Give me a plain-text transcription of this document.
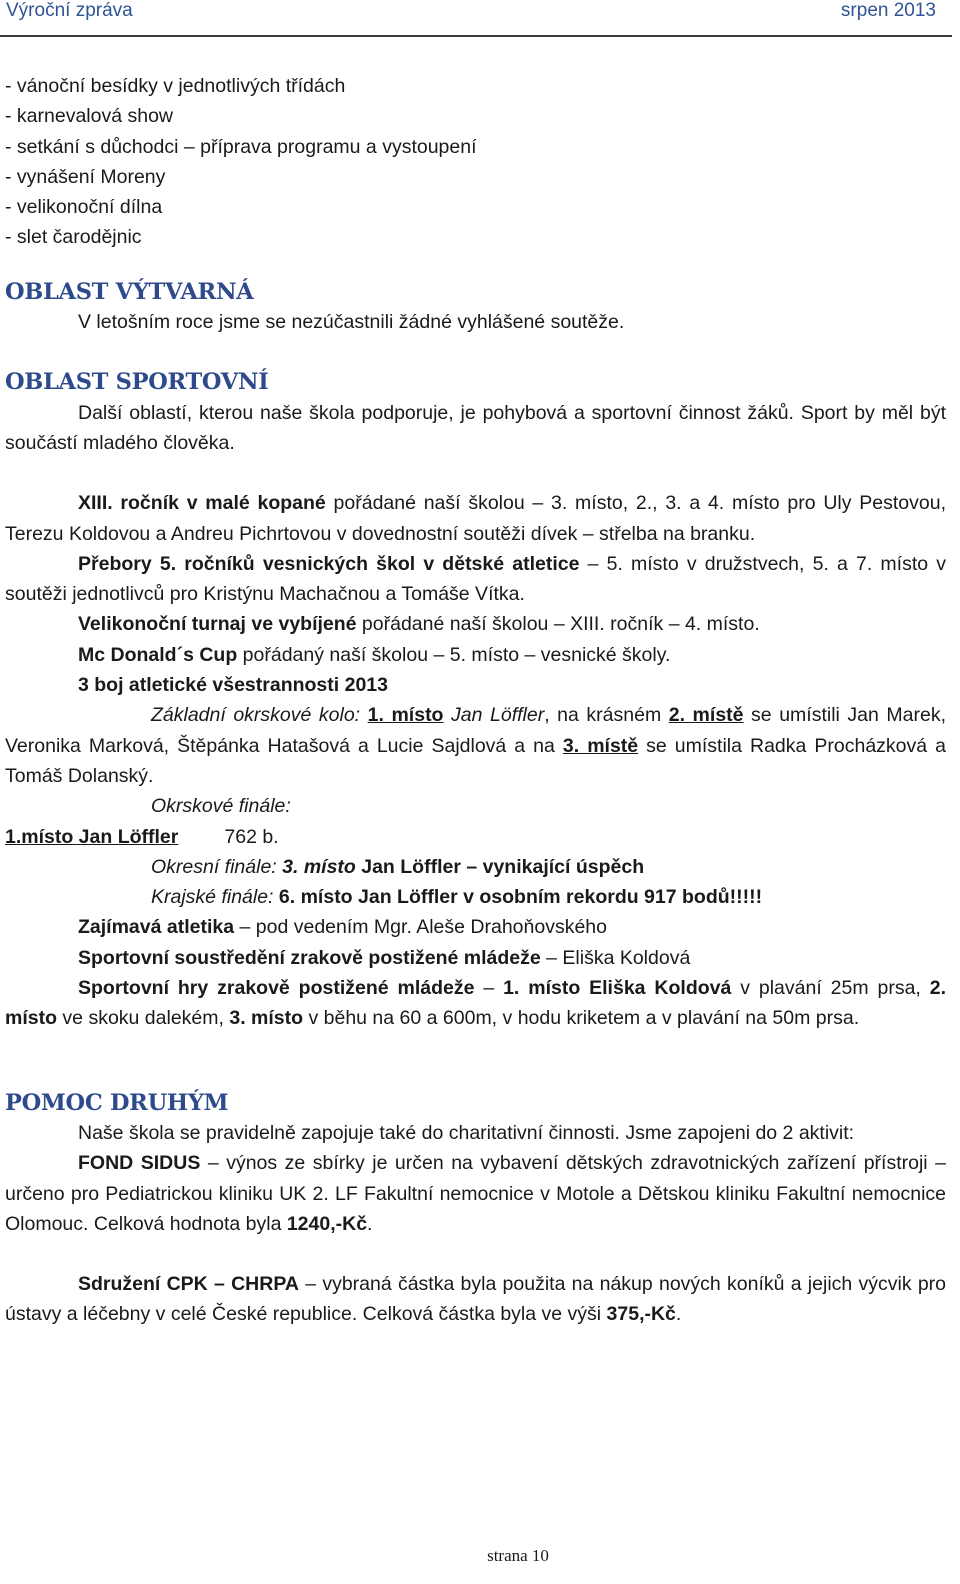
Výroční zpráva	srpen 2013

- vánoční besídky v jednotlivých třídách

- karnevalová show

- setkání s důchodci – příprava programu a vystoupení

- vynášení Moreny

- velikonoční dílna

- slet čarodějnic

OBLAST VÝTVARNÁ

V letošním roce jsme se nezúčastnili žádné vyhlášené soutěže.

OBLAST SPORTOVNÍ

Další oblastí, kterou naše škola podporuje, je pohybová a sportovní činnost žáků. Sport by měl být součástí mladého člověka.

XIII. ročník v malé kopané pořádané naší školou – 3. místo, 2., 3. a 4. místo pro Uly Pestovou, Terezu Koldovou a Andreu Pichrtovou v dovednostní soutěži dívek – střelba na branku.

Přebory 5. ročníků vesnických škol v dětské atletice – 5. místo v družstvech, 5. a 7. místo v soutěži jednotlivců pro Kristýnu Machačnou a Tomáše Vítka.

Velikonoční turnaj ve vybíjené pořádané naší školou – XIII. ročník – 4. místo.

Mc Donald´s Cup pořádaný naší školou – 5. místo – vesnické školy.

3 boj atletické všestrannosti 2013

Základní okrskové kolo: 1. místo Jan Löffler, na krásném 2. místě se umístili Jan Marek, Veronika Marková, Štěpánka Hatašová a Lucie Sajdlová a na 3. místě se umístila Radka Procházková a Tomáš Dolanský.

Okrskové finále:

1.místo Jan Löffler 762 b.

Okresní finále: 3. místo Jan Löffler – vynikající úspěch

Krajské finále: 6. místo Jan Löffler v osobním rekordu 917 bodů!!!!!

Zajímavá atletika – pod vedením Mgr. Aleše Drahoňovského

Sportovní soustředění zrakově postižené mládeže – Eliška Koldová

Sportovní hry zrakově postižené mládeže – 1. místo Eliška Koldová v plavání 25m prsa, 2. místo ve skoku dalekém, 3. místo v běhu na 60 a 600m, v hodu kriketem a v plavání na 50m prsa.

POMOC DRUHÝM

Naše škola se pravidelně zapojuje také do charitativní činnosti. Jsme zapojeni do 2 aktivit:

FOND SIDUS – výnos ze sbírky je určen na vybavení dětských zdravotnických zařízení přístroji – určeno pro Pediatrickou kliniku UK 2. LF Fakultní nemocnice v Motole a Dětskou kliniku Fakultní nemocnice Olomouc. Celková hodnota byla 1240,-Kč.

Sdružení CPK – CHRPA – vybraná částka byla použita na nákup nových koníků a jejich výcvik pro ústavy a léčebny v celé České republice. Celková částka byla ve výši 375,-Kč.

strana 10
